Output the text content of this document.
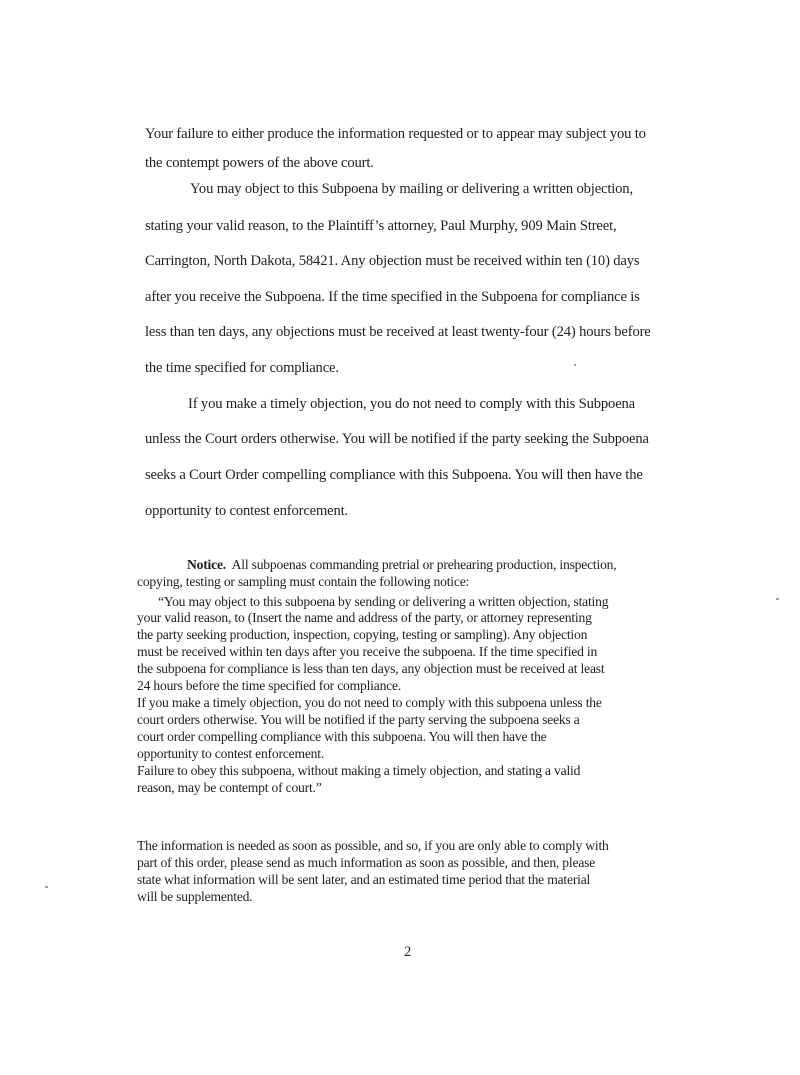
Your failure to either produce the information requested or to appear may subject you to

the contempt powers of the above court.

You may object to this Subpoena by mailing or delivering a written objection,

stating your valid reason, to the Plaintiff’s attorney, Paul Murphy, 909 Main Street,

Carrington, North Dakota, 58421. Any objection must be received within ten (10) days

after you receive the Subpoena. If the time specified in the Subpoena for compliance is

less than ten days, any objections must be received at least twenty-four (24) hours before

the time specified for compliance.

If you make a timely objection, you do not need to comply with this Subpoena

unless the Court orders otherwise. You will be notified if the party seeking the Subpoena

seeks a Court Order compelling compliance with this Subpoena. You will then have the

opportunity to contest enforcement.

Notice. All subpoenas commanding pretrial or prehearing production, inspection,

copying, testing or sampling must contain the following notice:

“You may object to this subpoena by sending or delivering a written objection, stating

your valid reason, to (Insert the name and address of the party, or attorney representing

the party seeking production, inspection, copying, testing or sampling). Any objection

must be received within ten days after you receive the subpoena. If the time specified in

the subpoena for compliance is less than ten days, any objection must be received at least

24 hours before the time specified for compliance.

If you make a timely objection, you do not need to comply with this subpoena unless the

court orders otherwise. You will be notified if the party serving the subpoena seeks a

court order compelling compliance with this subpoena. You will then have the

opportunity to contest enforcement.

Failure to obey this subpoena, without making a timely objection, and stating a valid

reason, may be contempt of court.”

The information is needed as soon as possible, and so, if you are only able to comply with

part of this order, please send as much information as soon as possible, and then, please

state what information will be sent later, and an estimated time period that the material

will be supplemented.

2
